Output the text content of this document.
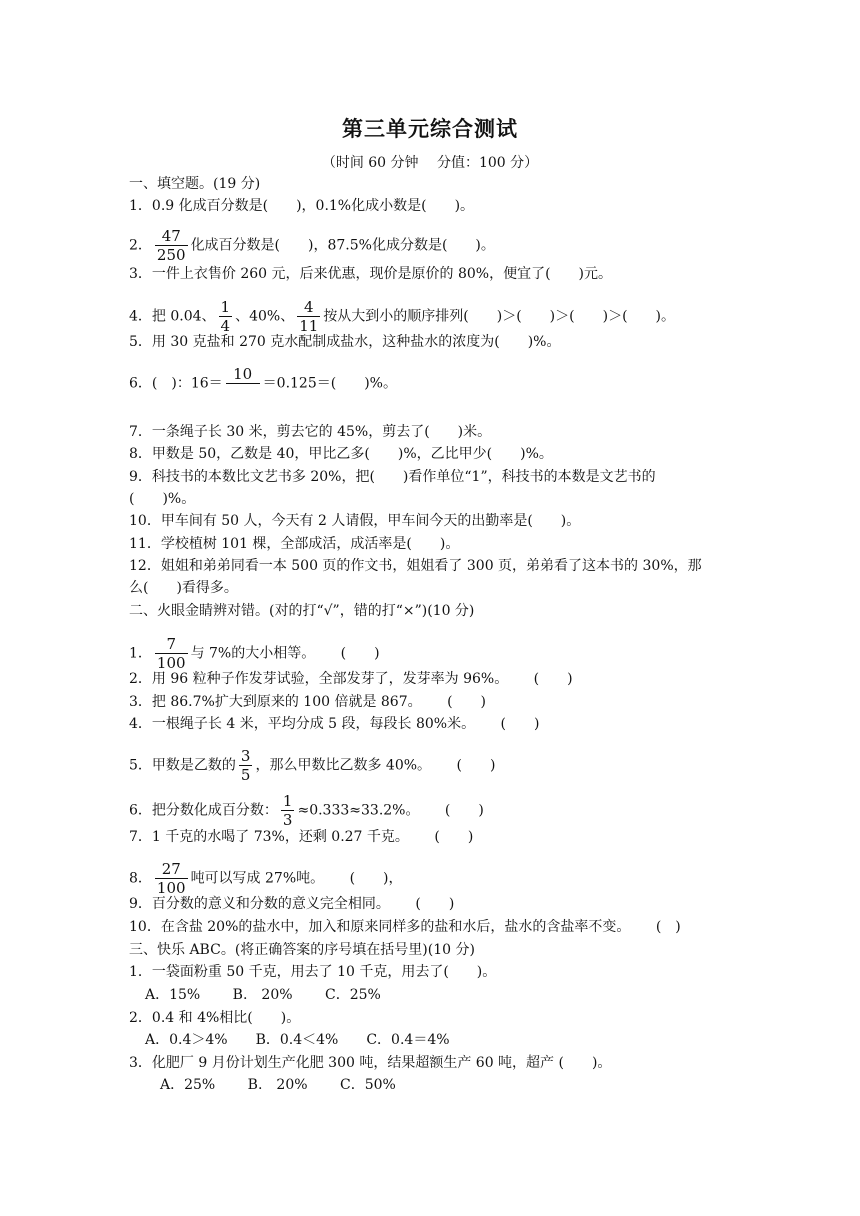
第三单元综合测试
（时间 60 分钟　 分值：100 分）
一、填空题。(19 分)
1．0.9 化成百分数是(　　)，0.1%化成小数是(　　)。
2． $\frac{47}{250}$ 化成百分数是(　　)，87.5%化成分数是(　　)。
3．一件上衣售价 260 元，后来优惠，现价是原价的 80%，便宜了(　　)元。
4．把 0.04、 $\frac{1}{4}$ 、40%、 $\frac{4}{11}$ 按从大到小的顺序排列(　　)＞(　　)＞(　　)＞(　　)。
5．用 30 克盐和 270 克水配制成盐水，这种盐水的浓度为(　　)%。
6．(　)：16＝
10
＝0.125＝(　　)%。
7．一条绳子长 30 米，剪去它的 45%，剪去了(　　)米。
8．甲数是 50，乙数是 40，甲比乙多(　　)%，乙比甲少(　　)%。
9．科技书的本数比文艺书多 20%，把(　　)看作单位“1”，科技书的本数是文艺书的
(　　)%。
10．甲车间有 50 人，今天有 2 人请假，甲车间今天的出勤率是(　　)。
11．学校植树 101 棵，全部成活，成活率是(　　)。
12．姐姐和弟弟同看一本 500 页的作文书，姐姐看了 300 页，弟弟看了这本书的 30%，那
么(　　)看得多。
二、火眼金睛辨对错。(对的打“√”，错的打“×”)(10 分)
1． $\frac{7}{100}$ 与 7%的大小相等。　　 (　　)
2．用 96 粒种子作发芽试验，全部发芽了，发芽率为 96%。　　 (　　)
3．把 86.7%扩大到原来的 100 倍就是 867。　　 (　　)
4．一根绳子长 4 米，平均分成 5 段，每段长 80%米。　　 (　　)
5．甲数是乙数的 $\frac{3}{5}$ ，那么甲数比乙数多 40%。　　 (　　)
6．把分数化成百分数： $\frac{1}{3} \approx 0.333\approx 33.2\%$。　　 (　　)
7．1 千克的水喝了 73%，还剩 0.27 千克。　　 (　　)
8． $\frac{27}{100}$ 吨可以写成 27%吨。　　 (　　)，
9．百分数的意义和分数的意义完全相同。　　 (　　)
10．在含盐 20%的盐水中，加入和原来同样多的盐和水后，盐水的含盐率不变。　　 (　)
三、快乐 ABC。(将正确答案的序号填在括号里)(10 分)
1．一袋面粉重 50 千克，用去了 10 千克，用去了(　　)。
A．15%　　 B.　20%　　 C．25%
2．0.4 和 4%相比(　　)。
A．0.4＞4%　　B．0.4＜4%　　C．0.4＝4%
3．化肥厂 9 月份计划生产化肥 300 吨，结果超额生产 60 吨，超产 (　　)。
A．25%　　 B.　20%　　 C．50%
